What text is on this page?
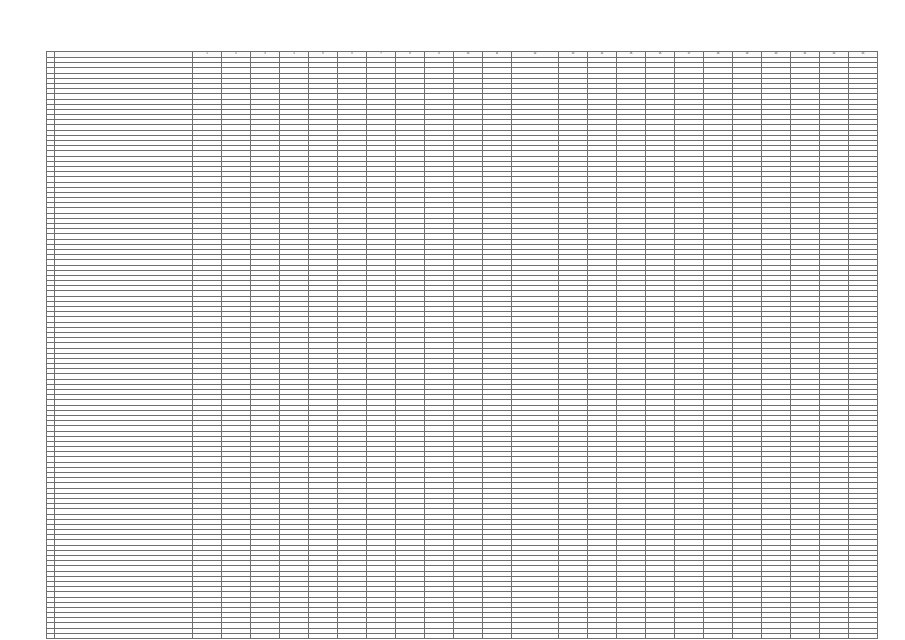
		1	2	3	4	5	6	7	8	9	10	11	12	13	14	15	16	17	18	19	20	21	22	23
